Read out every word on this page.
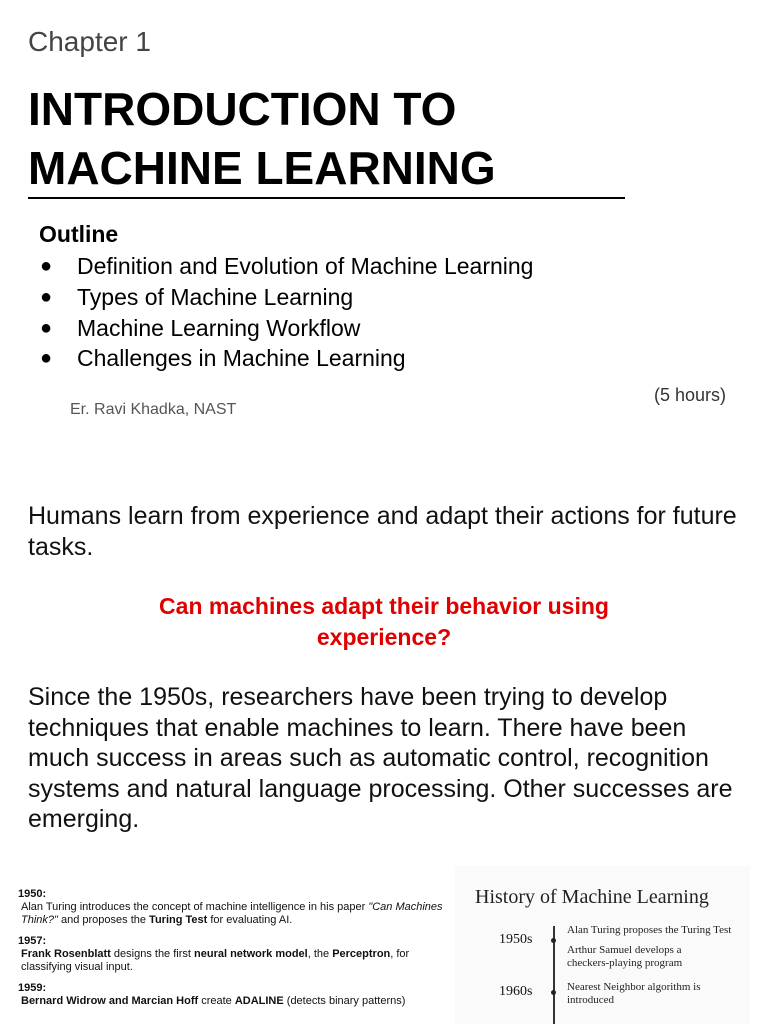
Chapter 1
INTRODUCTION TO
MACHINE LEARNING
Outline
● Definition and Evolution of Machine Learning
● Types of Machine Learning
● Machine Learning Workflow
● Challenges in Machine Learning
(5 hours)
Er. Ravi Khadka, NAST
Humans learn from experience and adapt their actions for future tasks.
Can machines adapt their behavior using
experience?
Since the 1950s, researchers have been trying to develop techniques that enable machines to learn. There have been much success in areas such as automatic control, recognition systems and natural language processing. Other successes are emerging.
1950:
Alan Turing introduces the concept of machine intelligence in his paper "Can Machines Think?" and proposes the Turing Test for evaluating AI.
1957:
Frank Rosenblatt designs the first neural network model, the Perceptron, for classifying visual input.
1959:
Bernard Widrow and Marcian Hoff create ADALINE (detects binary patterns)
History of Machine Learning
1950s
1960s
Alan Turing proposes the Turing Test
Arthur Samuel develops a checkers-playing program
Nearest Neighbor algorithm is introduced
